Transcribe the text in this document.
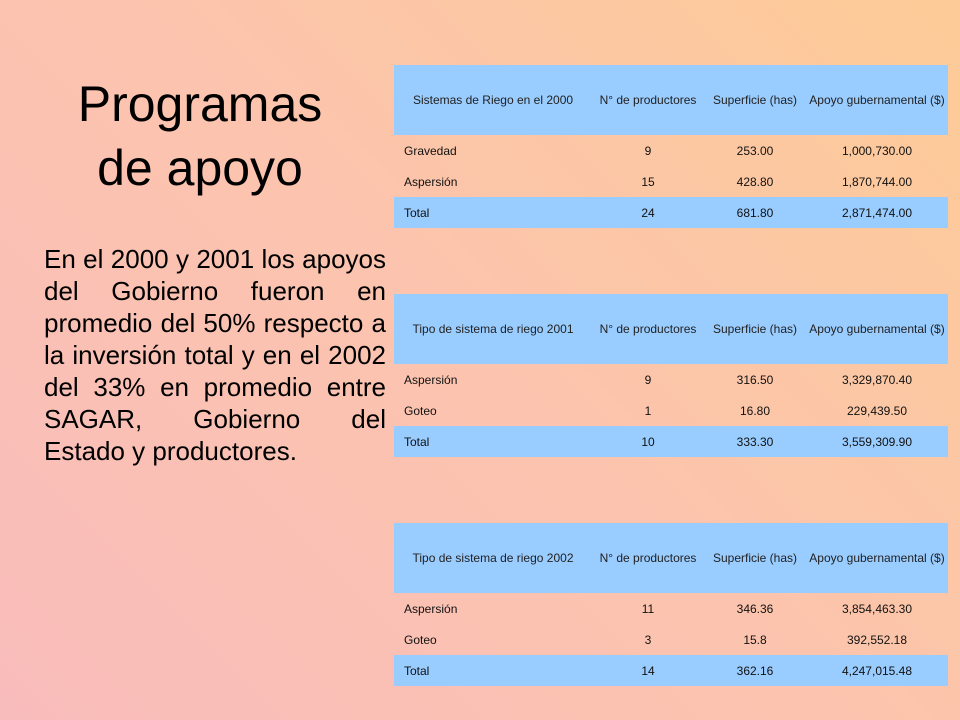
Programas
de apoyo
En el 2000 y 2001 los apoyos del Gobierno fueron en promedio del 50% respecto a la inversión total y en el 2002 del 33% en promedio entre SAGAR, Gobierno del Estado y productores.
Sistemas de Riego en el 2000	N° de productores	Superficie (has)	Apoyo gubernamental ($)
Gravedad	9	253.00	1,000,730.00
Aspersión	15	428.80	1,870,744.00
Total	24	681.80	2,871,474.00
Tipo de sistema de riego 2001	N° de productores	Superficie (has)	Apoyo gubernamental ($)
Aspersión	9	316.50	3,329,870.40
Goteo	1	16.80	229,439.50
Total	10	333.30	3,559,309.90
Tipo de sistema de riego 2002	N° de productores	Superficie (has)	Apoyo gubernamental ($)
Aspersión	11	346.36	3,854,463.30
Goteo	3	15.8	392,552.18
Total	14	362.16	4,247,015.48
